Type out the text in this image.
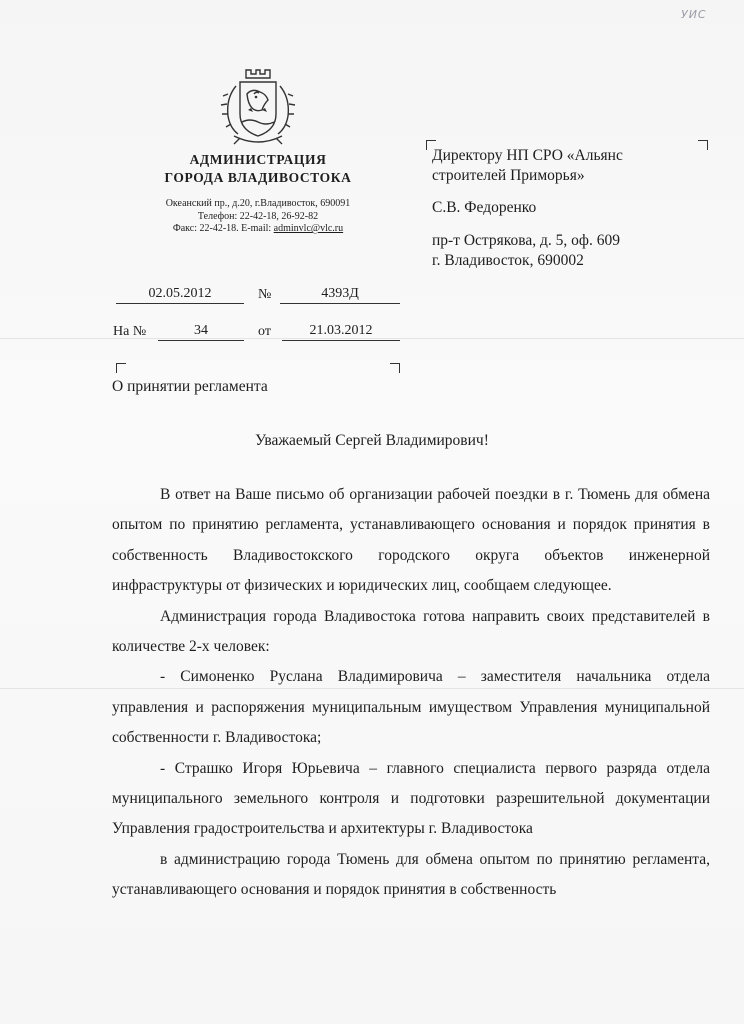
УИС
АДМИНИСТРАЦИЯ
ГОРОДА ВЛАДИВОСТОКА
Океанский пр., д.20, г.Владивосток, 690091
Телефон: 22-42-18, 26-92-82
Факс: 22-42-18. E-mail: adminvlc@vlc.ru
Директору НП СРО «Альянс
строителей Приморья»
С.В. Федоренко
пр-т Острякова, д. 5, оф. 609
г. Владивосток, 690002
02.05.2012	№	4393Д
На №	34	от	21.03.2012
О принятии регламента
Уважаемый Сергей Владимирович!

В ответ на Ваше письмо об организации рабочей поездки в г. Тюмень для обмена опытом по принятию регламента, устанавливающего основания и порядок принятия в собственность Владивостокского городского округа объектов инженерной инфраструктуры от физических и юридических лиц, сообщаем следующее.

Администрация города Владивостока готова направить своих представителей в количестве 2-х человек:

- Симоненко Руслана Владимировича – заместителя начальника отдела управления и распоряжения муниципальным имуществом Управления муниципальной собственности г. Владивостока;

- Страшко Игоря Юрьевича – главного специалиста первого разряда отдела муниципального земельного контроля и подготовки разрешительной документации Управления градостроительства и архитектуры г. Владивостока

в администрацию города Тюмень для обмена опытом по принятию регламента, устанавливающего основания и порядок принятия в собственность
